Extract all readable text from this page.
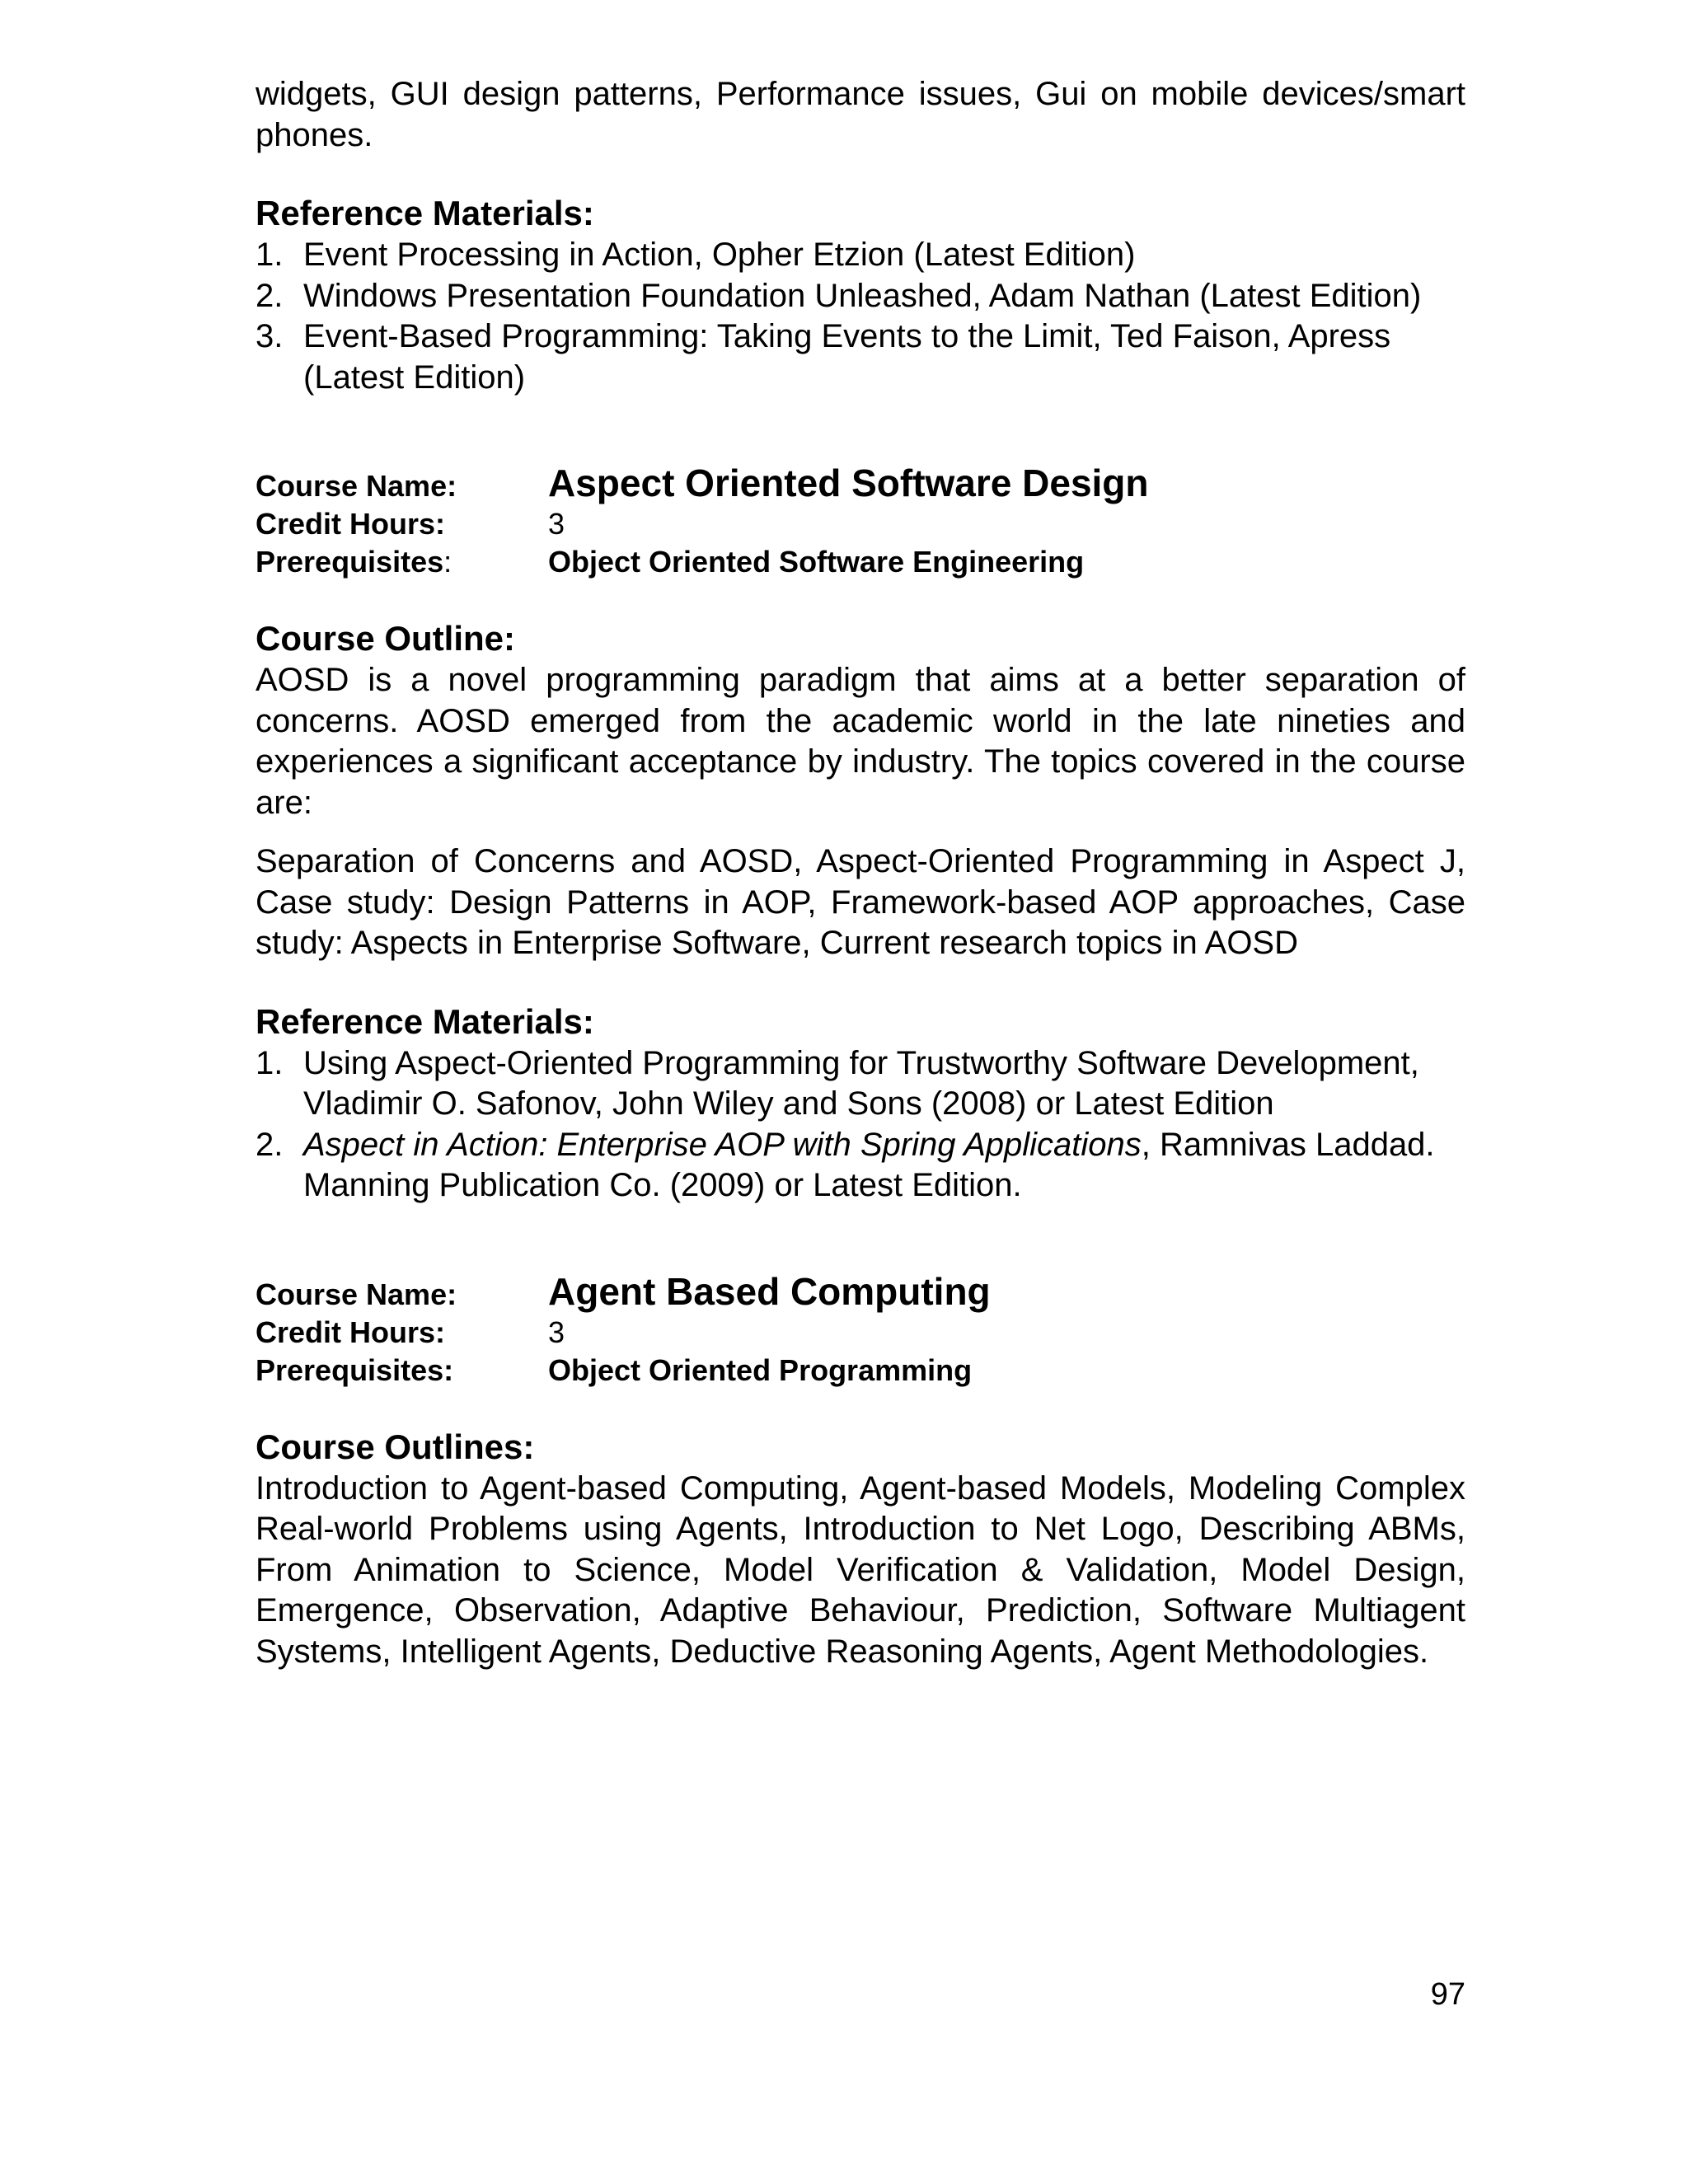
widgets, GUI design patterns, Performance issues, Gui on mobile devices/smart phones.

Reference Materials:
1. Event Processing in Action, Opher Etzion (Latest Edition)
2. Windows Presentation Foundation Unleashed, Adam Nathan (Latest Edition)
3. Event-Based Programming: Taking Events to the Limit, Ted Faison, Apress (Latest Edition)
Course Name:	Aspect Oriented Software Design
Credit Hours:	3
Prerequisites:	Object Oriented Software Engineering
Course Outline:

AOSD is a novel programming paradigm that aims at a better separation of concerns. AOSD emerged from the academic world in the late nineties and experiences a significant acceptance by industry. The topics covered in the course are:

Separation of Concerns and AOSD, Aspect-Oriented Programming in Aspect J, Case study: Design Patterns in AOP, Framework-based AOP approaches, Case study: Aspects in Enterprise Software, Current research topics in AOSD

Reference Materials:
1. Using Aspect-Oriented Programming for Trustworthy Software Development, Vladimir O. Safonov, John Wiley and Sons (2008) or Latest Edition
2. Aspect in Action: Enterprise AOP with Spring Applications, Ramnivas Laddad. Manning Publication Co. (2009) or Latest Edition.
Course Name:	Agent Based Computing
Credit Hours:	3
Prerequisites:	Object Oriented Programming
Course Outlines:

Introduction to Agent-based Computing, Agent-based Models, Modeling Complex Real-world Problems using Agents, Introduction to Net Logo, Describing ABMs, From Animation to Science, Model Verification & Validation, Model Design, Emergence, Observation, Adaptive Behaviour, Prediction, Software Multiagent Systems, Intelligent Agents, Deductive Reasoning Agents, Agent Methodologies.

97
